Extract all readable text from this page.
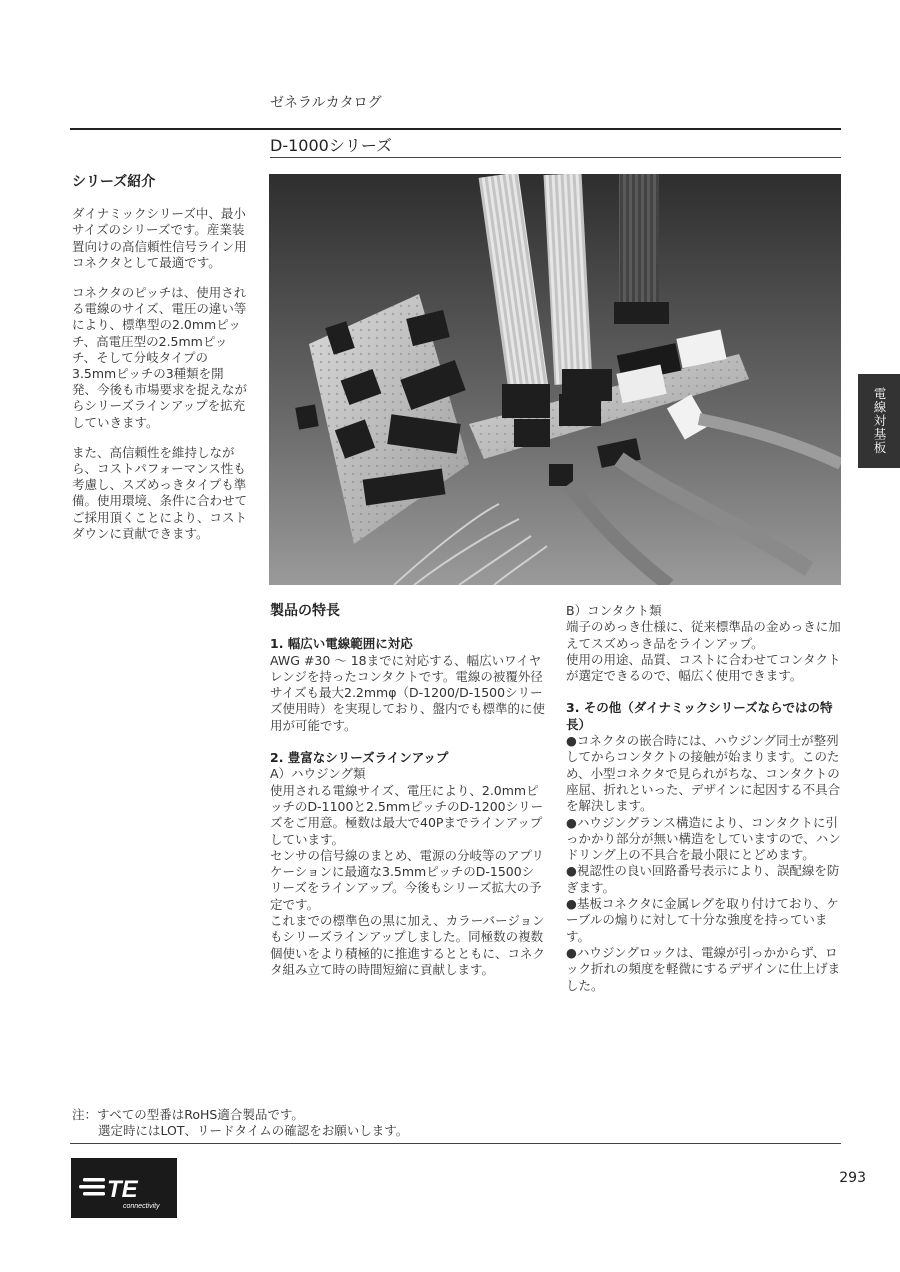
ゼネラルカタログ
D-1000シリーズ
シリーズ紹介

ダイナミックシリーズ中、最小サイズのシリーズです。産業装置向けの高信頼性信号ライン用コネクタとして最適です。

コネクタのピッチは、使用される電線のサイズ、電圧の違い等により、標準型の2.0mmピッチ、高電圧型の2.5mmピッチ、そして分岐タイプの3.5mmピッチの3種類を開発、今後も市場要求を捉えながらシリーズラインアップを拡充していきます。

また、高信頼性を維持しながら、コストパフォーマンス性も考慮し、スズめっきタイプも準備。使用環境、条件に合わせてご採用頂くことにより、コストダウンに貢献できます。

電線対基板
製品の特長

1. 幅広い電線範囲に対応

AWG #30 ～ 18までに対応する、幅広いワイヤレンジを持ったコンタクトです。電線の被覆外径サイズも最大2.2mmφ（D-1200/D-1500シリーズ使用時）を実現しており、盤内でも標準的に使用が可能です。

2. 豊富なシリーズラインアップ

A）ハウジング類

使用される電線サイズ、電圧により、2.0mmピッチのD-1100と2.5mmピッチのD-1200シリーズをご用意。極数は最大で40Pまでラインアップしています。

センサの信号線のまとめ、電源の分岐等のアプリケーションに最適な3.5mmピッチのD-1500シリーズをラインアップ。今後もシリーズ拡大の予定です。

これまでの標準色の黒に加え、カラーバージョンもシリーズラインアップしました。同極数の複数個使いをより積極的に推進するとともに、コネクタ組み立て時の時間短縮に貢献します。

B）コンタクト類

端子のめっき仕様に、従来標準品の金めっきに加えてスズめっき品をラインアップ。

使用の用途、品質、コストに合わせてコンタクトが選定できるので、幅広く使用できます。

3. その他（ダイナミックシリーズならではの特長）

●コネクタの嵌合時には、ハウジング同士が整列してからコンタクトの接触が始まります。このため、小型コネクタで見られがちな、コンタクトの座屈、折れといった、デザインに起因する不具合を解決します。

●ハウジングランス構造により、コンタクトに引っかかり部分が無い構造をしていますので、ハンドリング上の不具合を最小限にとどめます。

●視認性の良い回路番号表示により、誤配線を防ぎます。

●基板コネクタに金属レグを取り付けており、ケーブルの煽りに対して十分な強度を持っています。

●ハウジングロックは、電線が引っかからず、ロック折れの頻度を軽微にするデザインに仕上げました。

注：すべての型番はRoHS適合製品です。
選定時にはLOT、リードタイムの確認をお願いします。
TE
connectivity
293
